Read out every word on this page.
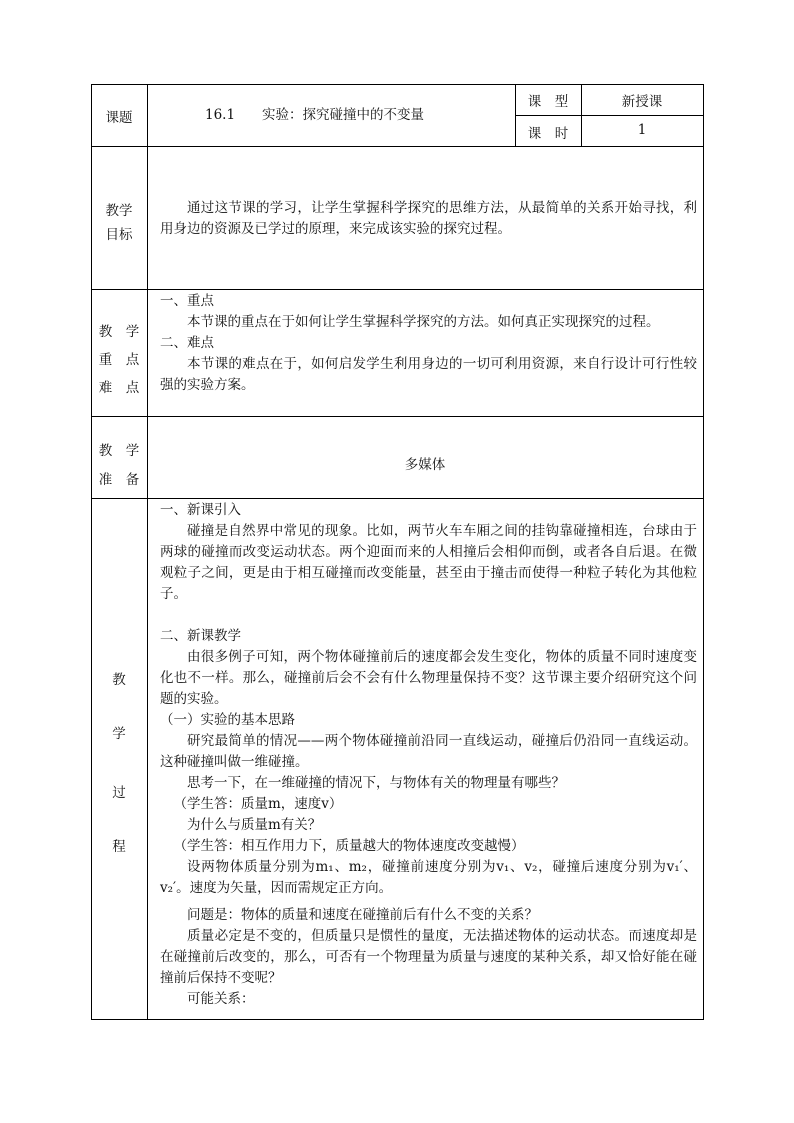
课题	16.1　　实验：探究碰撞中的不变量
课　型	新授课
课　时	1
教学
目标

通过这节课的学习，让学生掌握科学探究的思维方法，从最简单的关系开始寻找，利用身边的资源及已学过的原理，来完成该实验的探究过程。

教　学
重　点
难　点

一、重点

本节课的重点在于如何让学生掌握科学探究的方法。如何真正实现探究的过程。

二、难点

本节课的难点在于，如何启发学生利用身边的一切可利用资源，来自行设计可行性较强的实验方案。

教　学
准　备
多媒体
教
学
过
程

一、新课引入

碰撞是自然界中常见的现象。比如，两节火车车厢之间的挂钩靠碰撞相连，台球由于两球的碰撞而改变运动状态。两个迎面而来的人相撞后会相仰而倒，或者各自后退。在微观粒子之间，更是由于相互碰撞而改变能量，甚至由于撞击而使得一种粒子转化为其他粒子。

二、新课教学

由很多例子可知，两个物体碰撞前后的速度都会发生变化，物体的质量不同时速度变化也不一样。那么，碰撞前后会不会有什么物理量保持不变？这节课主要介绍研究这个问题的实验。

（一）实验的基本思路

研究最简单的情况——两个物体碰撞前沿同一直线运动，碰撞后仍沿同一直线运动。这种碰撞叫做一维碰撞。

思考一下，在一维碰撞的情况下，与物体有关的物理量有哪些？

（学生答：质量m，速度v）

为什么与质量m有关？

（学生答：相互作用力下，质量越大的物体速度改变越慢）

设两物体质量分别为m₁、m₂，碰撞前速度分别为v₁、v₂，碰撞后速度分别为v₁′、v₂′。速度为矢量，因而需规定正方向。

问题是：物体的质量和速度在碰撞前后有什么不变的关系？

质量必定是不变的，但质量只是惯性的量度，无法描述物体的运动状态。而速度却是在碰撞前后改变的，那么，可否有一个物理量为质量与速度的某种关系，却又恰好能在碰撞前后保持不变呢？

可能关系：
